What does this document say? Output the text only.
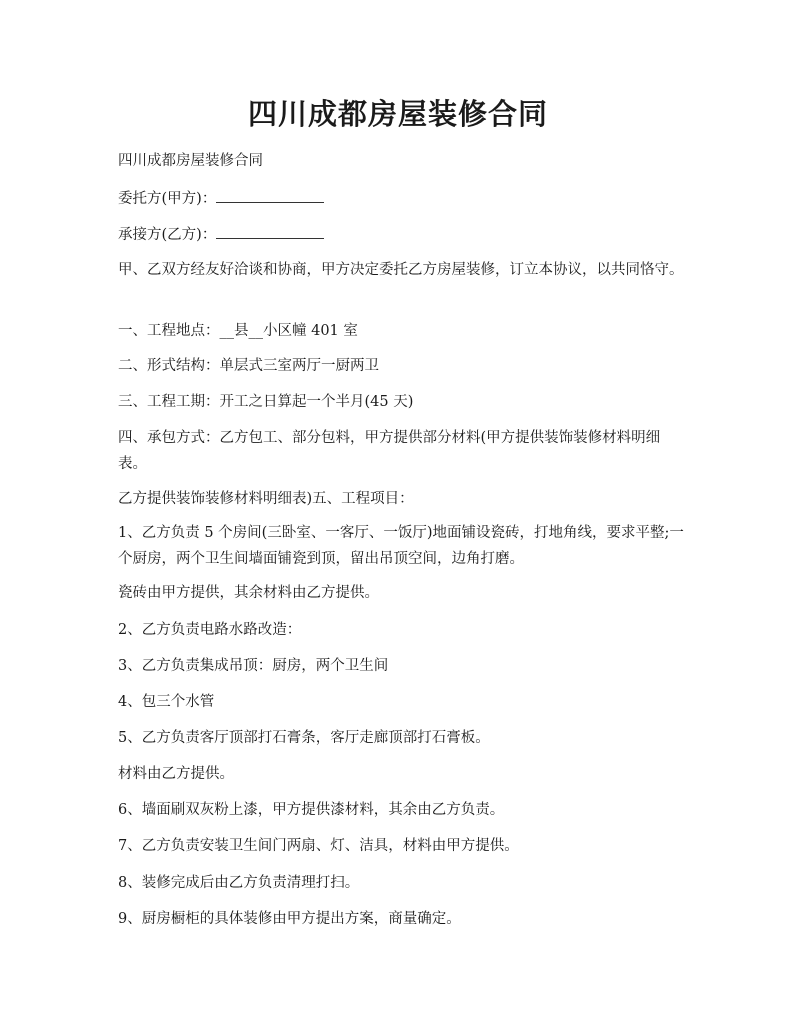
四川成都房屋装修合同
四川成都房屋装修合同
委托方(甲方)：
承接方(乙方)：
甲、乙双方经友好洽谈和协商，甲方决定委托乙方房屋装修，订立本协议，以共同恪守。
一、工程地点：__县__小区幢 401 室
二、形式结构：单层式三室两厅一厨两卫
三、工程工期：开工之日算起一个半月(45 天)
四、承包方式：乙方包工、部分包料，甲方提供部分材料(甲方提供装饰装修材料明细表。
乙方提供装饰装修材料明细表)五、工程项目：
1、乙方负责 5 个房间(三卧室、一客厅、一饭厅)地面铺设瓷砖，打地角线，要求平整;一个厨房，两个卫生间墙面铺瓷到顶，留出吊顶空间，边角打磨。
瓷砖由甲方提供，其余材料由乙方提供。
2、乙方负责电路水路改造：
3、乙方负责集成吊顶：厨房，两个卫生间
4、包三个水管
5、乙方负责客厅顶部打石膏条，客厅走廊顶部打石膏板。
材料由乙方提供。
6、墙面刷双灰粉上漆，甲方提供漆材料，其余由乙方负责。
7、乙方负责安装卫生间门两扇、灯、洁具，材料由甲方提供。
8、装修完成后由乙方负责清理打扫。
9、厨房橱柜的具体装修由甲方提出方案，商量确定。
